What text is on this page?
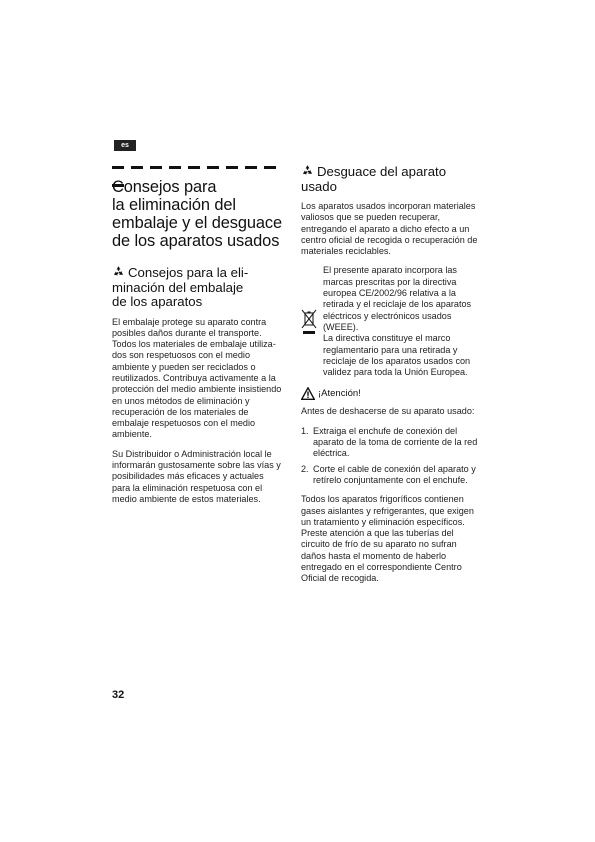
es
Consejos para
la eliminación del
embalaje y el desguace
de los aparatos usados
Consejos para la eli-
minación del embalaje
de los aparatos

El embalaje protege su aparato contra posibles daños durante el transporte. Todos los materiales de embalaje utiliza-dos son respetuosos con el medio ambiente y pueden ser reciclados o reutilizados. Contribuya activamente a la protección del medio ambiente insistiendo en unos métodos de eliminación y recuperación de los materiales de embalaje respetuosos con el medio ambiente.

Su Distribuidor o Administración local le informarán gustosamente sobre las vías y posibilidades más eficaces y actuales para la eliminación respetuosa con el medio ambiente de estos materiales.

Desguace del aparato
usado

Los aparatos usados incorporan materiales valiosos que se pueden recuperar, entregando el aparato a dicho efecto a un centro oficial de recogida o recuperación de materiales reciclables.

El presente aparato incorpora las marcas prescritas por la directiva europea CE/2002/96 relativa a la retirada y el reciclaje de los aparatos eléctricos y electrónicos usados (WEEE).

La directiva constituye el marco reglamentario para una retirada y reciclaje de los aparatos usados con validez para toda la Unión Europea.

¡Atención!

Antes de deshacerse de su aparato usado:

1. Extraiga el enchufe de conexión del aparato de la toma de corriente de la red eléctrica.
2. Corte el cable de conexión del aparato y retírelo conjuntamente con el enchufe.

Todos los aparatos frigoríficos contienen gases aislantes y refrigerantes, que exigen un tratamiento y eliminación específicos. Preste atención a que las tuberías del circuito de frío de su aparato no sufran daños hasta el momento de haberlo entregado en el correspondiente Centro Oficial de recogida.

32
